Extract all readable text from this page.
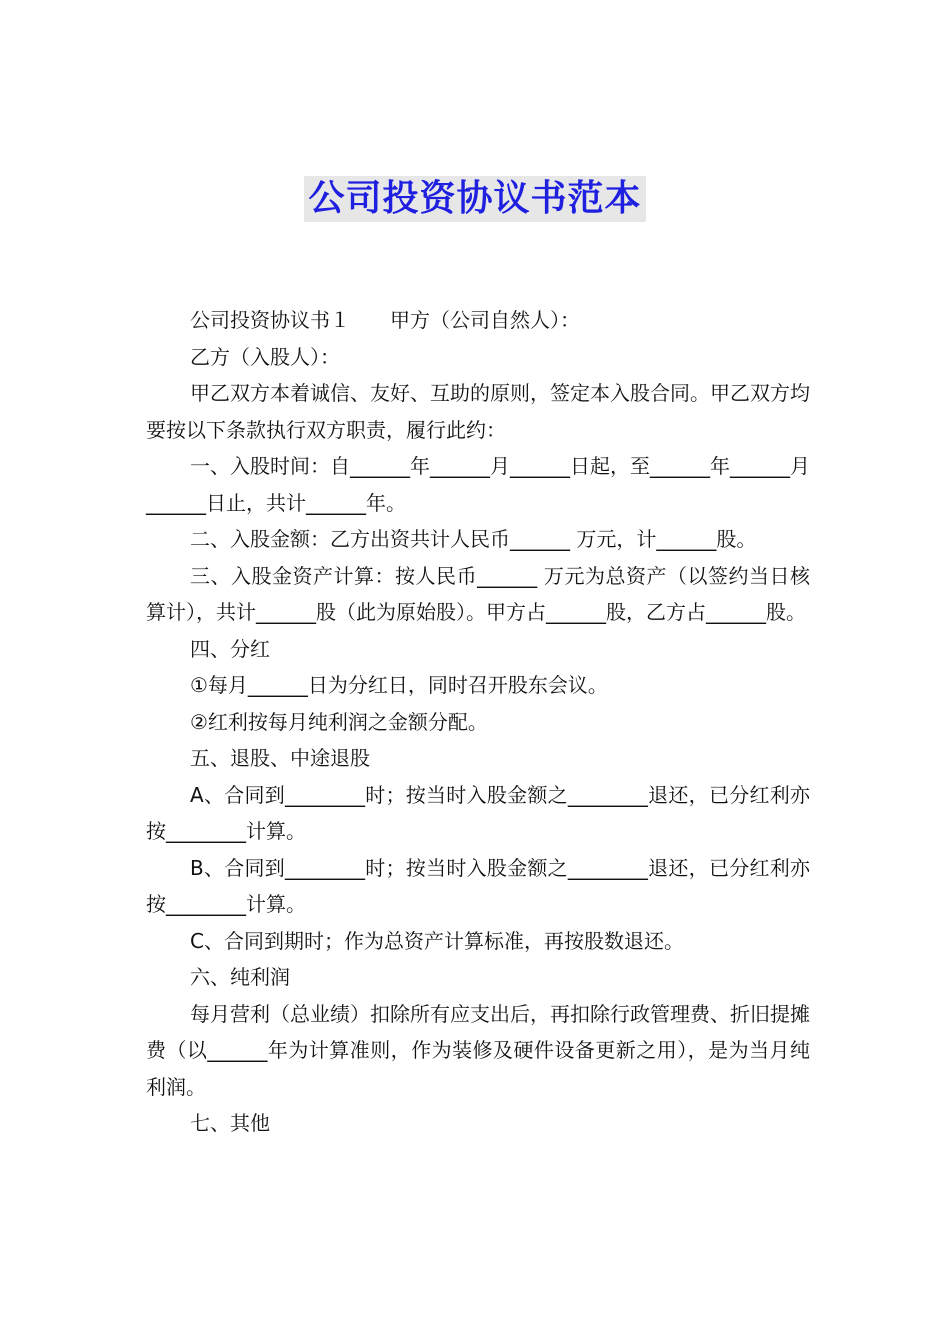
公司投资协议书范本

公司投资协议书１　　甲方（公司自然人）：

乙方（入股人）：

甲乙双方本着诚信、友好、互助的原则，签定本入股合同。甲乙双方均要按以下条款执行双方职责，履行此约：

一、入股时间：自______年______月______日起，至______年______月______日止，共计______年。

二、入股金额：乙方出资共计人民币______ 万元，计______股。

三、入股金资产计算：按人民币______ 万元为总资产（以签约当日核算计），共计______股（此为原始股）。甲方占______股，乙方占______股。

四、分红

①每月______日为分红日，同时召开股东会议。

②红利按每月纯利润之金额分配。

五、退股、中途退股

A、合同到________时；按当时入股金额之________退还，已分红利亦按________计算。

B、合同到________时；按当时入股金额之________退还，已分红利亦按________计算。

C、合同到期时；作为总资产计算标准，再按股数退还。

六、纯利润

每月营利（总业绩）扣除所有应支出后，再扣除行政管理费、折旧提摊费（以______年为计算准则，作为装修及硬件设备更新之用），是为当月纯利润。

七、其他
